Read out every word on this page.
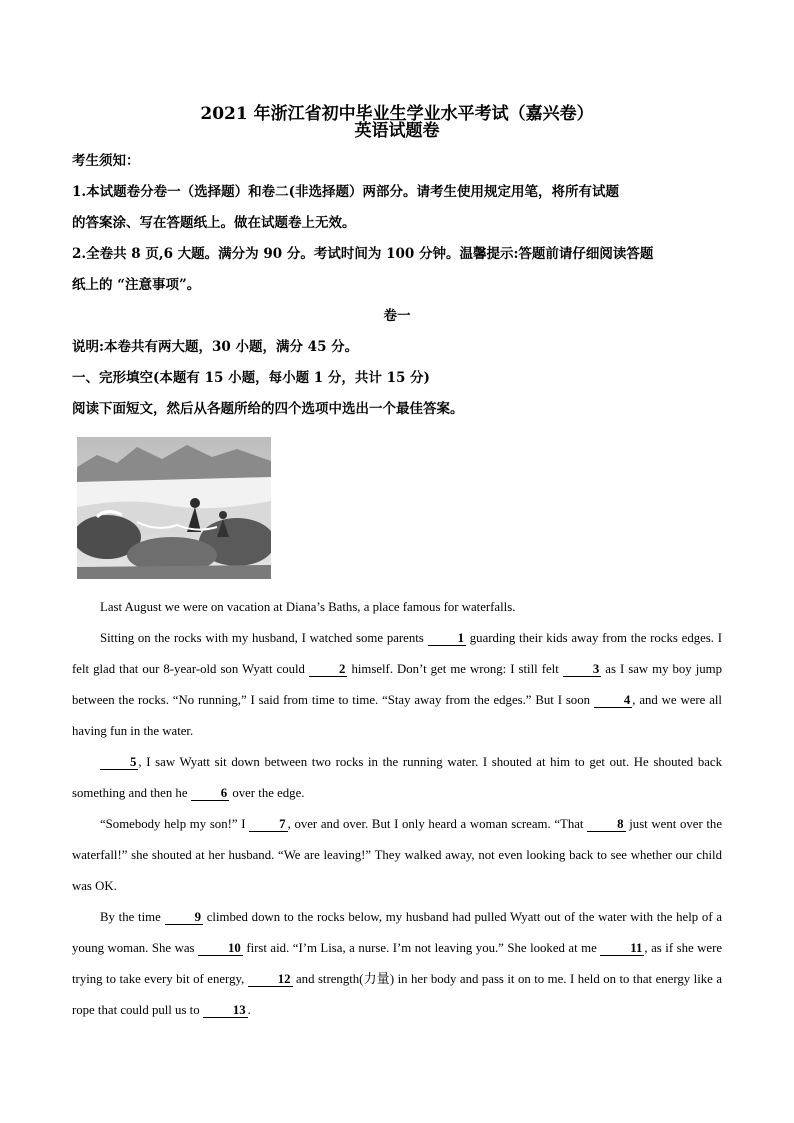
2021 年浙江省初中毕业生学业水平考试（嘉兴卷）
英语试题卷

考生须知：

1.本试题卷分卷一（选择题）和卷二(非选择题）两部分。请考生使用规定用笔，将所有试题

的答案涂、写在答题纸上。做在试题卷上无效。

2.全卷共 8 页,6 大题。满分为 90 分。考试时间为 100 分钟。温馨提示:答题前请仔细阅读答题

纸上的 “注意事项”。

卷一

说明:本卷共有两大题，30 小题，满分 45 分。

一、完形填空(本题有 15 小题，每小题 1 分，共计 15 分)

阅读下面短文，然后从各题所给的四个选项中选出一个最佳答案。

Last August we were on vacation at Diana’s Baths, a place famous for waterfalls.

Sitting on the rocks with my husband, I watched some parents	1 guarding their kids away from the rocks edges. I felt glad that our 8-year-old son Wyatt could	2 himself. Don’t get me wrong: I still felt	3 as I saw my boy jump between the rocks. “No running,” I said from time to time. “Stay away from the edges.” But I soon	4 , and we were all having fun in the water.

5 , I saw Wyatt sit down between two rocks in the running water. I shouted at him to get out. He shouted back something and then he	6 over the edge.

“Somebody help my son!” I	7 , over and over. But I only heard a woman scream. “That	8 just went over the waterfall!” she shouted at her husband. “We are leaving!” They walked away, not even looking back to see whether our child was OK.

By the time	9 climbed down to the rocks below, my husband had pulled Wyatt out of the water with the help of a young woman. She was	10 first aid. “I’m Lisa, a nurse. I’m not leaving you.” She looked at me	11 , as if she were trying to take every bit of energy,	12 and strength(力量) in her body and pass it on to me. I held on to that energy like a rope that could pull us to	13 .
